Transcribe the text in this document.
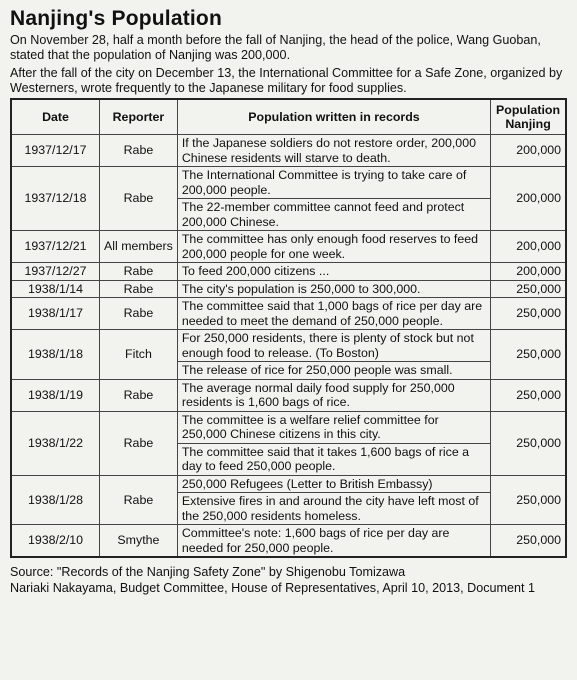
Nanjing's Population

On November 28, half a month before the fall of Nanjing, the head of the police, Wang Guoban, stated that the population of Nanjing was 200,000.

After the fall of the city on December 13, the International Committee for a Safe Zone, organized by Westerners, wrote frequently to the Japanese military for food supplies.

Date	Reporter	Population written in records	Population
Nanjing
1937/12/17	Rabe	If the Japanese soldiers do not restore order, 200,000 Chinese residents will starve to death.	200,000
1937/12/18	Rabe	The International Committee is trying to take care of 200,000 people.	200,000
		The 22-member committee cannot feed and protect 200,000 Chinese.	
1937/12/21	All members	The committee has only enough food reserves to feed 200,000 people for one week.	200,000
1937/12/27	Rabe	To feed 200,000 citizens ...	200,000
1938/1/14	Rabe	The city's population is 250,000 to 300,000.	250,000
1938/1/17	Rabe	The committee said that 1,000 bags of rice per day are needed to meet the demand of 250,000 people.	250,000
1938/1/18	Fitch	For 250,000 residents, there is plenty of stock but not enough food to release. (To Boston)	250,000
		The release of rice for 250,000 people was small.	
1938/1/19	Rabe	The average normal daily food supply for 250,000 residents is 1,600 bags of rice.	250,000
1938/1/22	Rabe	The committee is a welfare relief committee for 250,000 Chinese citizens in this city.	250,000
		The committee said that it takes 1,600 bags of rice a day to feed 250,000 people.	
1938/1/28	Rabe	250,000 Refugees (Letter to British Embassy)	250,000
		Extensive fires in and around the city have left most of the 250,000 residents homeless.	
1938/2/10	Smythe	Committee's note: 1,600 bags of rice per day are needed for 250,000 people.	250,000
Source: "Records of the Nanjing Safety Zone" by Shigenobu Tomizawa
Nariaki Nakayama, Budget Committee, House of Representatives, April 10, 2013, Document 1
